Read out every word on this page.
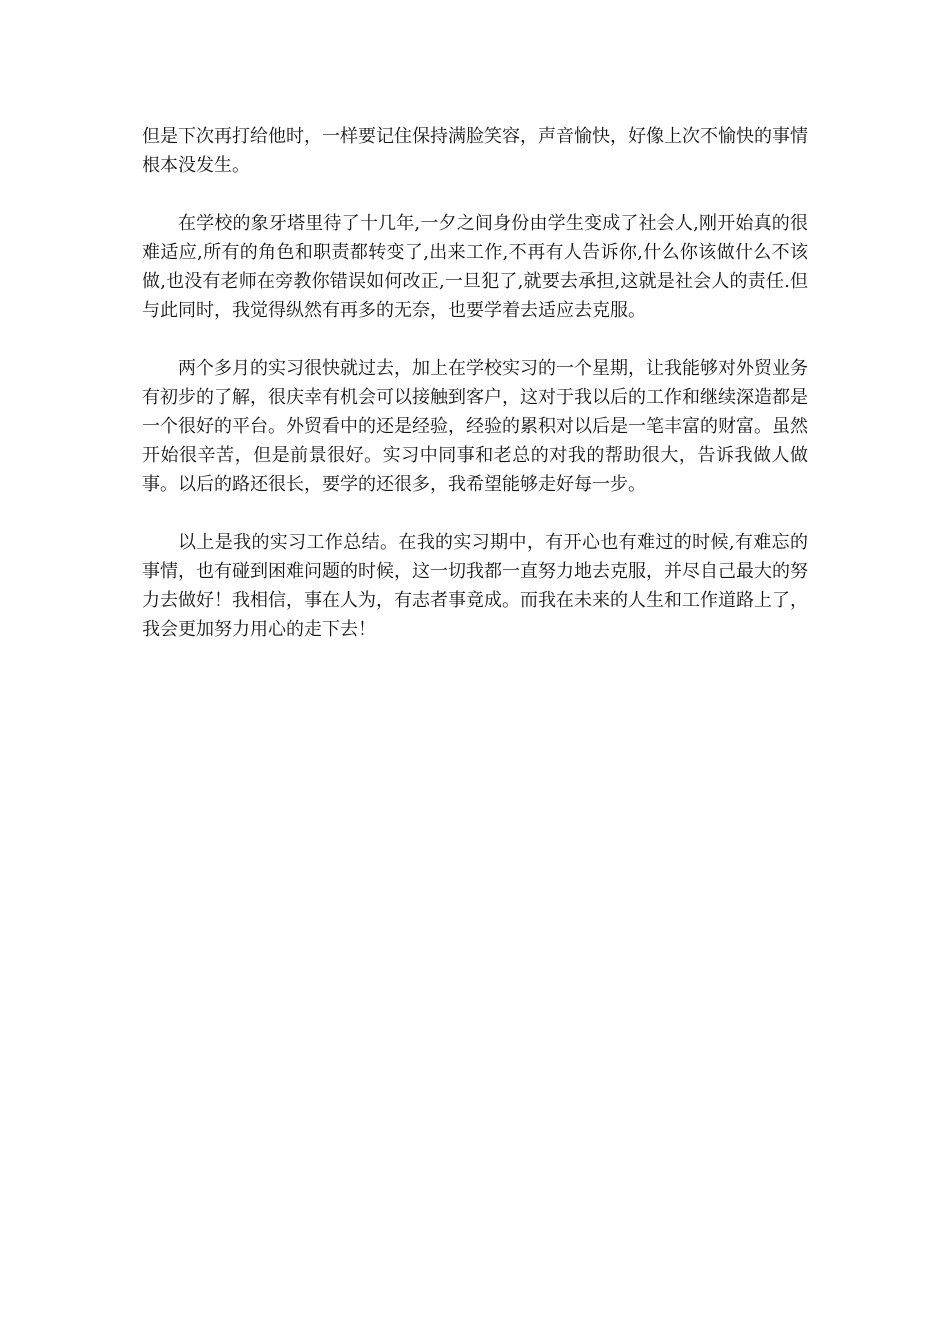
但是下次再打给他时，一样要记住保持满脸笑容，声音愉快，好像上次不愉快的事情根本没发生。

在学校的象牙塔里待了十几年,一夕之间身份由学生变成了社会人,刚开始真的很难适应,所有的角色和职责都转变了,出来工作,不再有人告诉你,什么你该做什么不该做,也没有老师在旁教你错误如何改正,一旦犯了,就要去承担,这就是社会人的责任.但与此同时，我觉得纵然有再多的无奈，也要学着去适应去克服。

两个多月的实习很快就过去，加上在学校实习的一个星期，让我能够对外贸业务有初步的了解，很庆幸有机会可以接触到客户，这对于我以后的工作和继续深造都是一个很好的平台。外贸看中的还是经验，经验的累积对以后是一笔丰富的财富。虽然开始很辛苦，但是前景很好。实习中同事和老总的对我的帮助很大，告诉我做人做事。以后的路还很长，要学的还很多，我希望能够走好每一步。

以上是我的实习工作总结。在我的实习期中，有开心也有难过的时候,有难忘的事情，也有碰到困难问题的时候，这一切我都一直努力地去克服，并尽自己最大的努力去做好！我相信，事在人为，有志者事竟成。而我在未来的人生和工作道路上了，我会更加努力用心的走下去！
